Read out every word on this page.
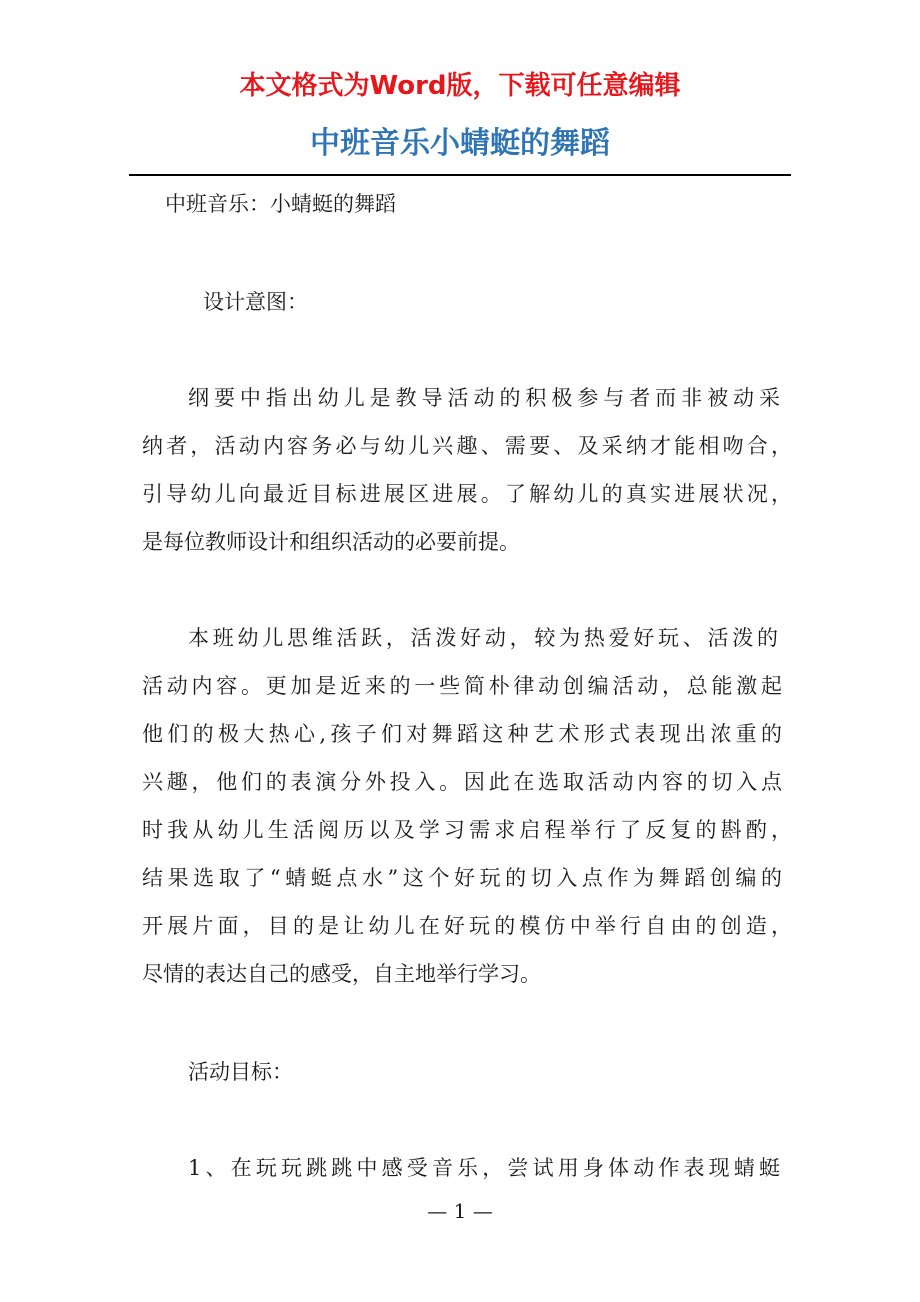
本文格式为Word版，下载可任意编辑
中班音乐小蜻蜓的舞蹈

中班音乐：小蜻蜓的舞蹈

设计意图：

纲要中指出幼儿是教导活动的积极参与者而非被动采

纳者，活动内容务必与幼儿兴趣、需要、及采纳才能相吻合，

引导幼儿向最近目标进展区进展。了解幼儿的真实进展状况，

是每位教师设计和组织活动的必要前提。

本班幼儿思维活跃，活泼好动，较为热爱好玩、活泼的

活动内容。更加是近来的一些简朴律动创编活动，总能激起

他们的极大热心,孩子们对舞蹈这种艺术形式表现出浓重的

兴趣，他们的表演分外投入。因此在选取活动内容的切入点

时我从幼儿生活阅历以及学习需求启程举行了反复的斟酌，

结果选取了“蜻蜓点水”这个好玩的切入点作为舞蹈创编的

开展片面，目的是让幼儿在好玩的模仿中举行自由的创造，

尽情的表达自己的感受，自主地举行学习。

活动目标：

1、在玩玩跳跳中感受音乐，尝试用身体动作表现蜻蜓

— 1 —
